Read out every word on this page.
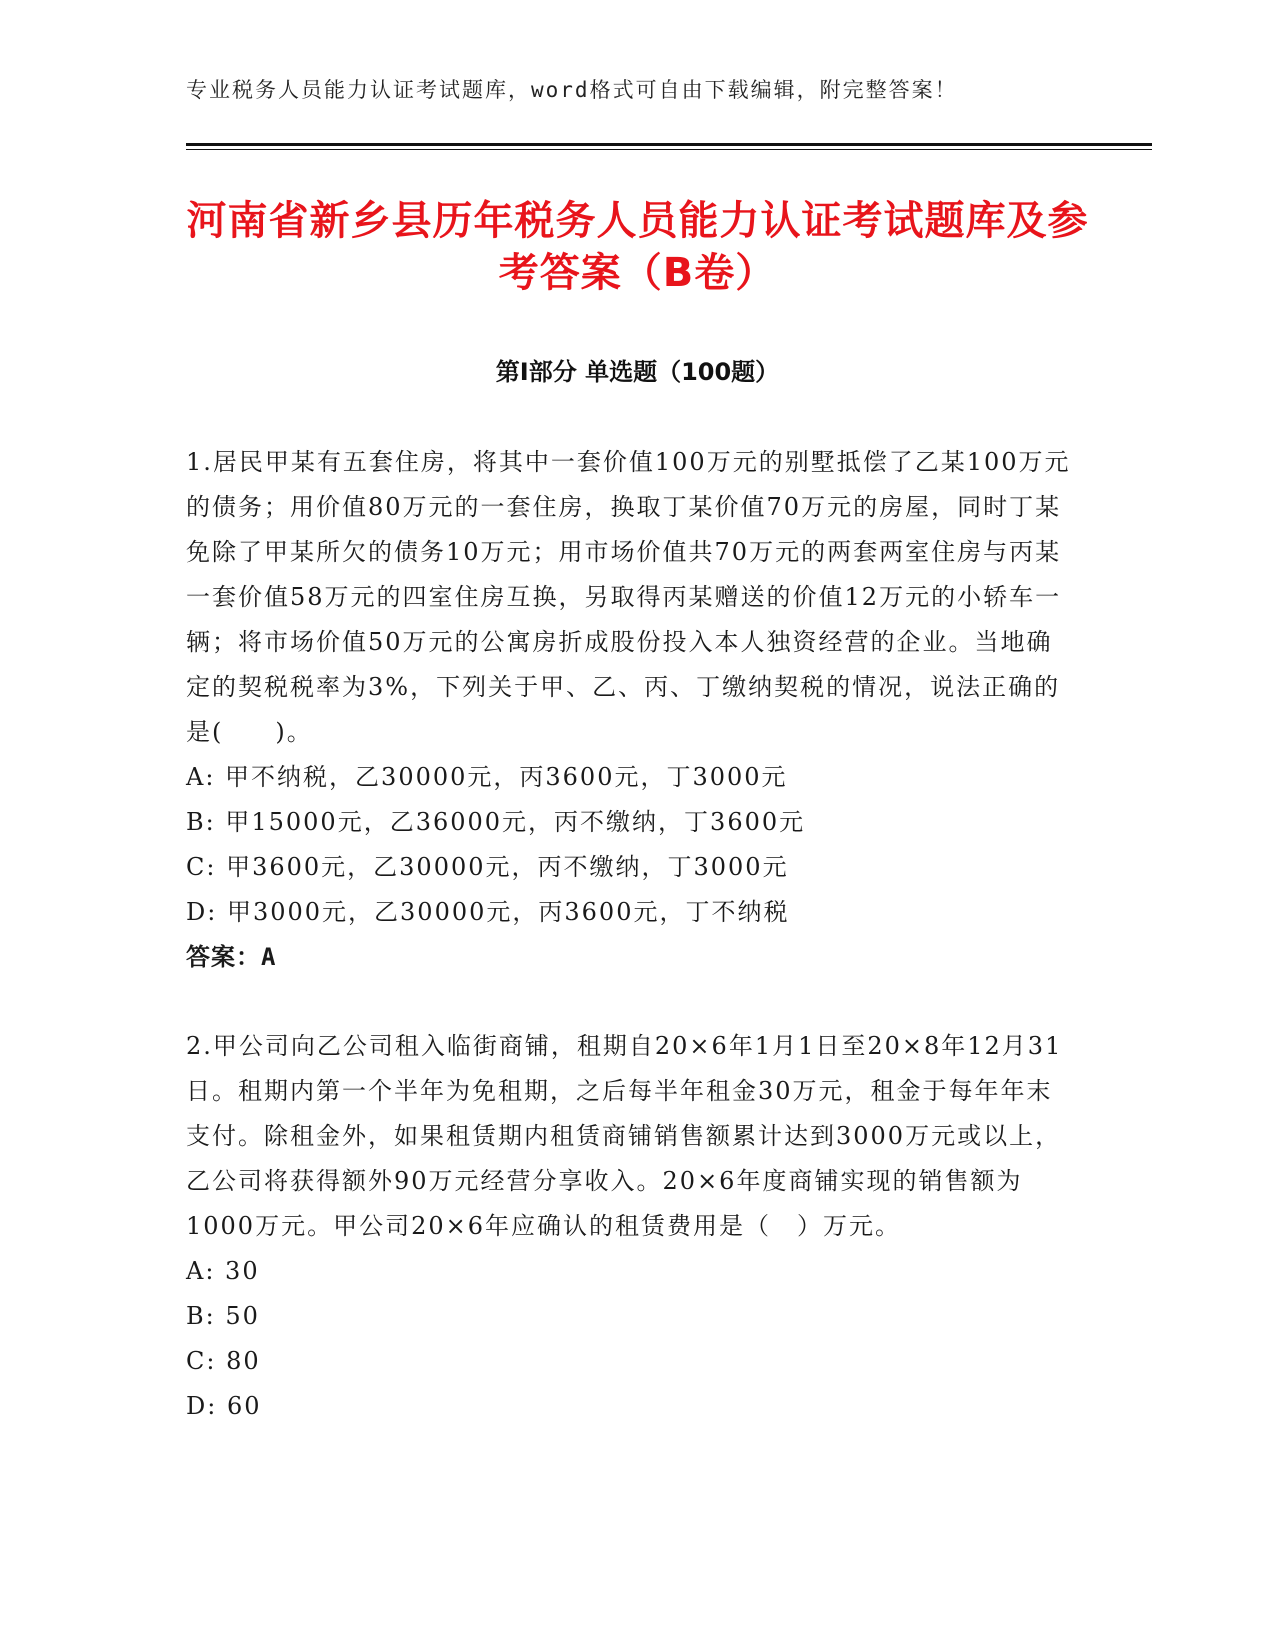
专业税务人员能力认证考试题库，word格式可自由下载编辑，附完整答案！
河南省新乡县历年税务人员能力认证考试题库及参考答案（B卷）
第Ⅰ部分 单选题（100题）

1.居民甲某有五套住房，将其中一套价值100万元的别墅抵偿了乙某100万元的债务；用价值80万元的一套住房，换取丁某价值70万元的房屋，同时丁某免除了甲某所欠的债务10万元；用市场价值共70万元的两套两室住房与丙某一套价值58万元的四室住房互换，另取得丙某赠送的价值12万元的小轿车一辆；将市场价值50万元的公寓房折成股份投入本人独资经营的企业。当地确定的契税税率为3%，下列关于甲、乙、丙、丁缴纳契税的情况，说法正确的是(　　)。

A: 甲不纳税，乙30000元，丙3600元，丁3000元

B: 甲15000元，乙36000元，丙不缴纳，丁3600元

C: 甲3600元，乙30000元，丙不缴纳，丁3000元

D: 甲3000元，乙30000元，丙3600元，丁不纳税

答案：A

2.甲公司向乙公司租入临街商铺，租期自20×6年1月1日至20×8年12月31日。租期内第一个半年为免租期，之后每半年租金30万元，租金于每年年末支付。除租金外，如果租赁期内租赁商铺销售额累计达到3000万元或以上，乙公司将获得额外90万元经营分享收入。20×6年度商铺实现的销售额为1000万元。甲公司20×6年应确认的租赁费用是（　）万元。

A: 30

B: 50

C: 80

D: 60
